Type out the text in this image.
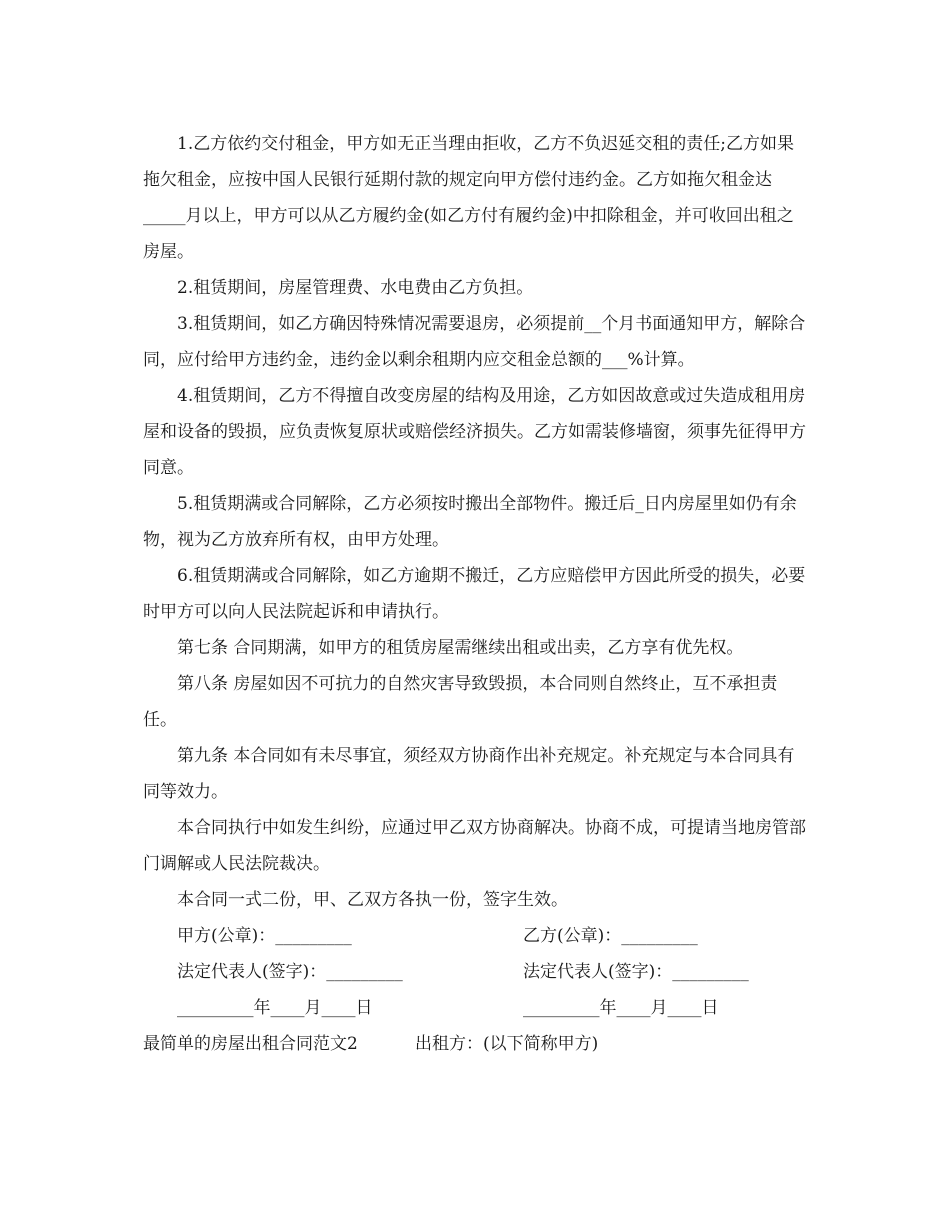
1.乙方依约交付租金，甲方如无正当理由拒收，乙方不负迟延交租的责任;乙方如果拖欠租金，应按中国人民银行延期付款的规定向甲方偿付违约金。乙方如拖欠租金达_____月以上，甲方可以从乙方履约金(如乙方付有履约金)中扣除租金，并可收回出租之房屋。

2.租赁期间，房屋管理费、水电费由乙方负担。

3.租赁期间，如乙方确因特殊情况需要退房，必须提前__个月书面通知甲方，解除合同，应付给甲方违约金，违约金以剩余租期内应交租金总额的___%计算。

4.租赁期间，乙方不得擅自改变房屋的结构及用途，乙方如因故意或过失造成租用房屋和设备的毁损，应负责恢复原状或赔偿经济损失。乙方如需装修墙窗，须事先征得甲方同意。

5.租赁期满或合同解除，乙方必须按时搬出全部物件。搬迁后_日内房屋里如仍有余物，视为乙方放弃所有权，由甲方处理。

6.租赁期满或合同解除，如乙方逾期不搬迁，乙方应赔偿甲方因此所受的损失，必要时甲方可以向人民法院起诉和申请执行。

第七条 合同期满，如甲方的租赁房屋需继续出租或出卖，乙方享有优先权。

第八条 房屋如因不可抗力的自然灾害导致毁损，本合同则自然终止，互不承担责任。

第九条 本合同如有未尽事宜，须经双方协商作出补充规定。补充规定与本合同具有同等效力。

本合同执行中如发生纠纷，应通过甲乙双方协商解决。协商不成，可提请当地房管部门调解或人民法院裁决。

本合同一式二份，甲、乙双方各执一份，签字生效。

甲方(公章)：_________	乙方(公章)：_________
法定代表人(签字)：_________	法定代表人(签字)：_________
_________年____月____日	_________年____月____日
最简单的房屋出租合同范文2	出租方：(以下简称甲方)
